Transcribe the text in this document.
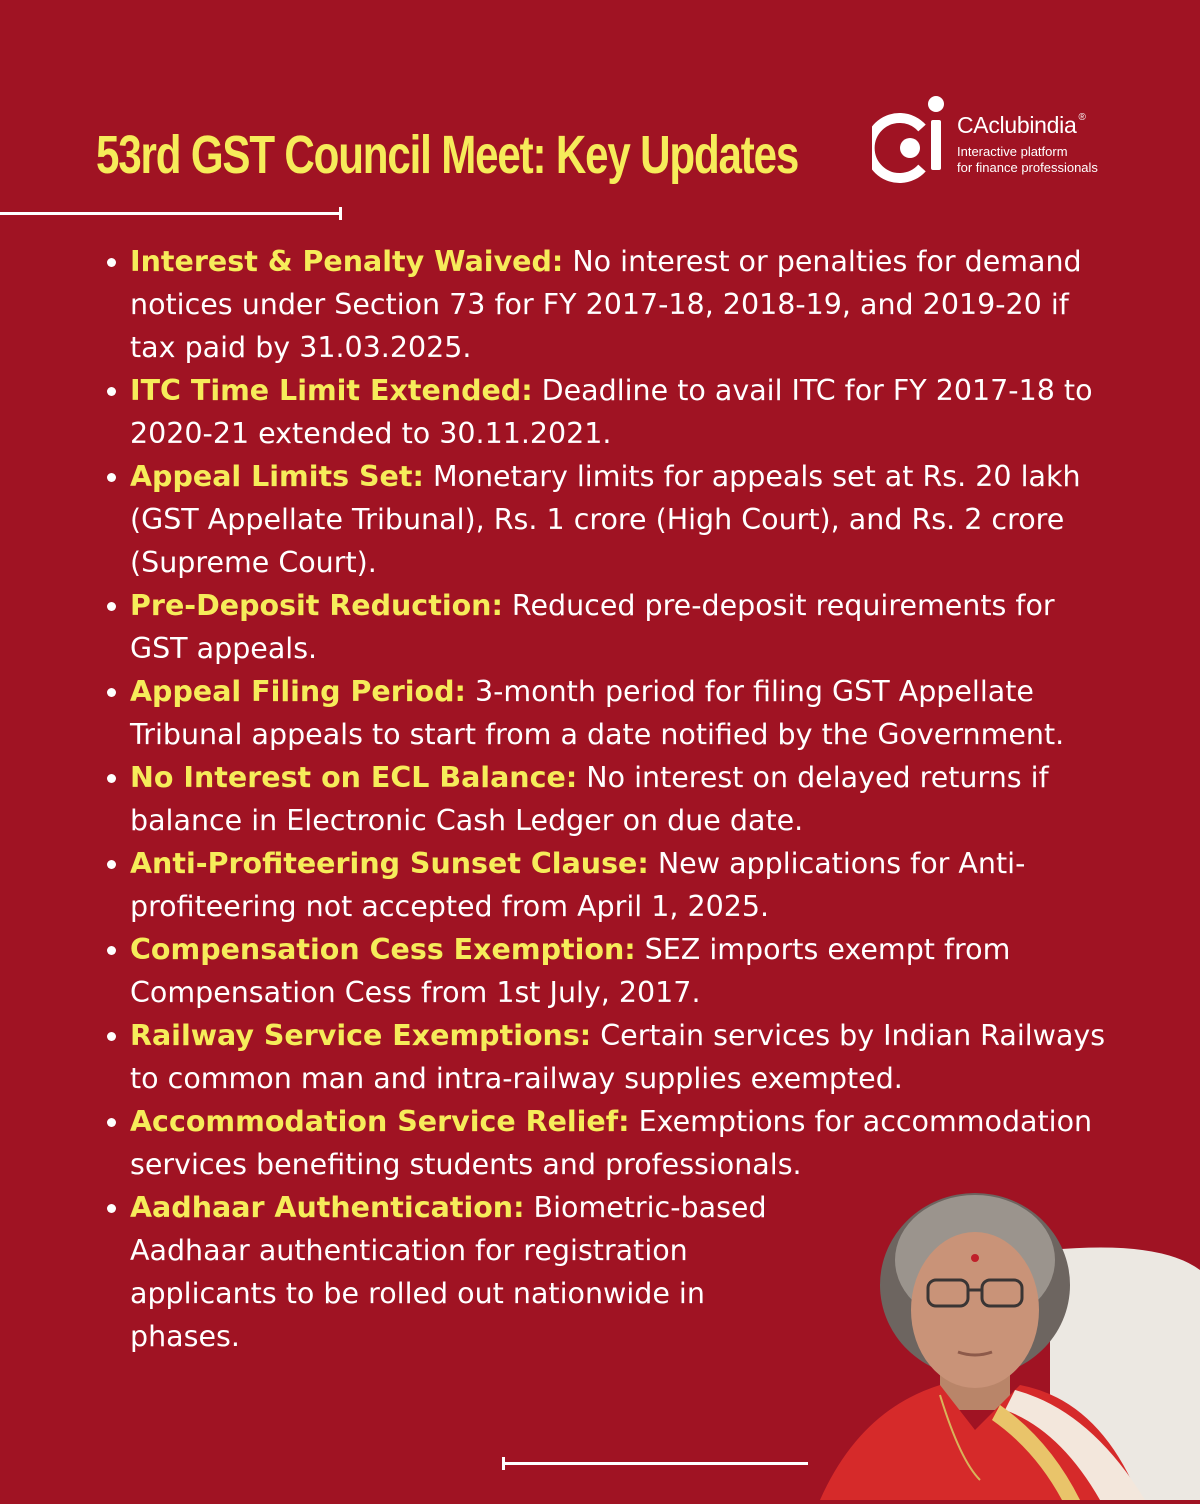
53rd GST Council Meet: Key Updates	CAclubindia ®
Interactive platform
for finance professionals
Interest & Penalty Waived: No interest or penalties for demand notices under Section 73 for FY 2017-18, 2018-19, and 2019-20 if tax paid by 31.03.2025.
ITC Time Limit Extended: Deadline to avail ITC for FY 2017-18 to 2020-21 extended to 30.11.2021.
Appeal Limits Set: Monetary limits for appeals set at Rs. 20 lakh (GST Appellate Tribunal), Rs. 1 crore (High Court), and Rs. 2 crore (Supreme Court).
Pre-Deposit Reduction: Reduced pre-deposit requirements for GST appeals.
Appeal Filing Period: 3-month period for filing GST Appellate Tribunal appeals to start from a date notified by the Government.
No Interest on ECL Balance: No interest on delayed returns if balance in Electronic Cash Ledger on due date.
Anti-Profiteering Sunset Clause: New applications for Anti-profiteering not accepted from April 1, 2025.
Compensation Cess Exemption: SEZ imports exempt from Compensation Cess from 1st July, 2017.
Railway Service Exemptions: Certain services by Indian Railways to common man and intra-railway supplies exempted.
Accommodation Service Relief: Exemptions for accommodation services benefiting students and professionals.
Aadhaar Authentication: Biometric-based Aadhaar authentication for registration applicants to be rolled out nationwide in phases.
